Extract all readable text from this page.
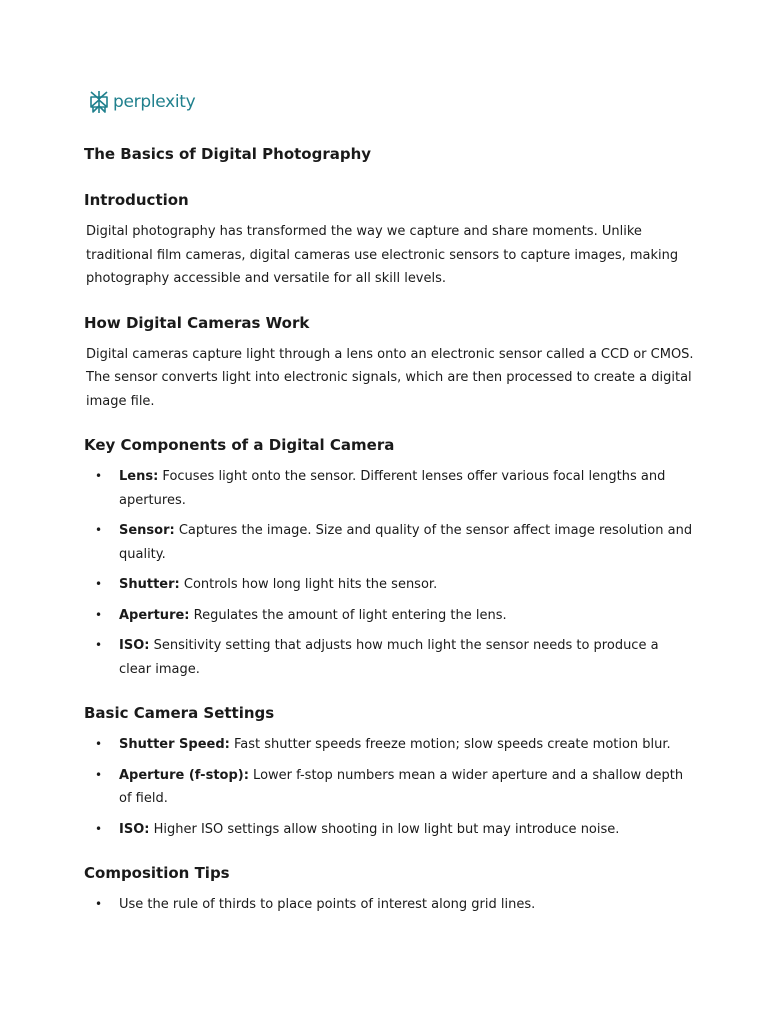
perplexity
The Basics of Digital Photography
Introduction

Digital photography has transformed the way we capture and share moments. Unlike traditional film cameras, digital cameras use electronic sensors to capture images, making photography accessible and versatile for all skill levels.

How Digital Cameras Work

Digital cameras capture light through a lens onto an electronic sensor called a CCD or CMOS. The sensor converts light into electronic signals, which are then processed to create a digital image file.

Key Components of a Digital Camera
• Lens: Focuses light onto the sensor. Different lenses offer various focal lengths and apertures.
• Sensor: Captures the image. Size and quality of the sensor affect image resolution and quality.
• Shutter: Controls how long light hits the sensor.
• Aperture: Regulates the amount of light entering the lens.
• ISO: Sensitivity setting that adjusts how much light the sensor needs to produce a clear image.
Basic Camera Settings
• Shutter Speed: Fast shutter speeds freeze motion; slow speeds create motion blur.
• Aperture (f-stop): Lower f-stop numbers mean a wider aperture and a shallow depth of field.
• ISO: Higher ISO settings allow shooting in low light but may introduce noise.
Composition Tips
• Use the rule of thirds to place points of interest along grid lines.
